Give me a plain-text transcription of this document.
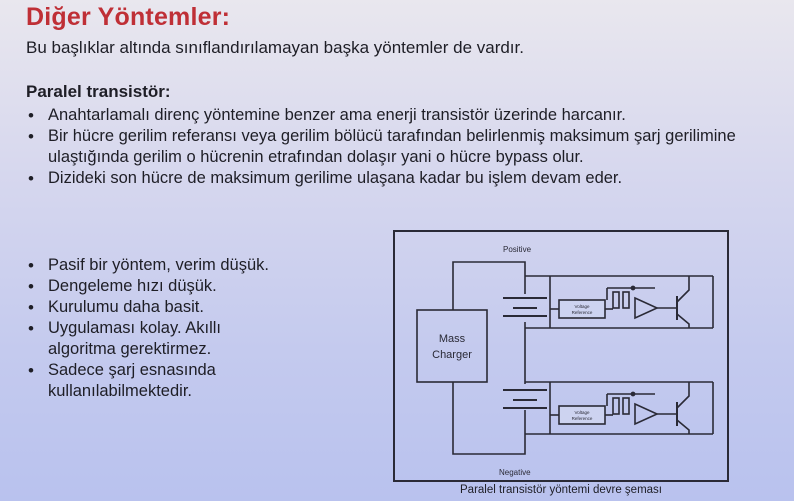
Diğer Yöntemler:
Bu başlıklar altında sınıflandırılamayan başka yöntemler de vardır.
Paralel transistör:
• Anahtarlamalı direnç yöntemine benzer ama enerji transistör üzerinde harcanır.
• Bir hücre gerilim referansı veya gerilim bölücü tarafından belirlenmiş maksimum şarj gerilimine ulaştığında gerilim o hücrenin etrafından dolaşır yani o hücre bypass olur.
• Dizideki son hücre de maksimum gerilime ulaşana kadar bu işlem devam eder.
• Pasif bir yöntem, verim düşük.
• Dengeleme hızı düşük.
• Kurulumu daha basit.
• Uygulaması kolay. Akıllı algoritma gerektirmez.
• Sadece şarj esnasında kullanılabilmektedir.
Positive
Negative
Mass
Charger
Voltage
Reference
Voltage
Reference
Paralel transistör yöntemi devre şeması
